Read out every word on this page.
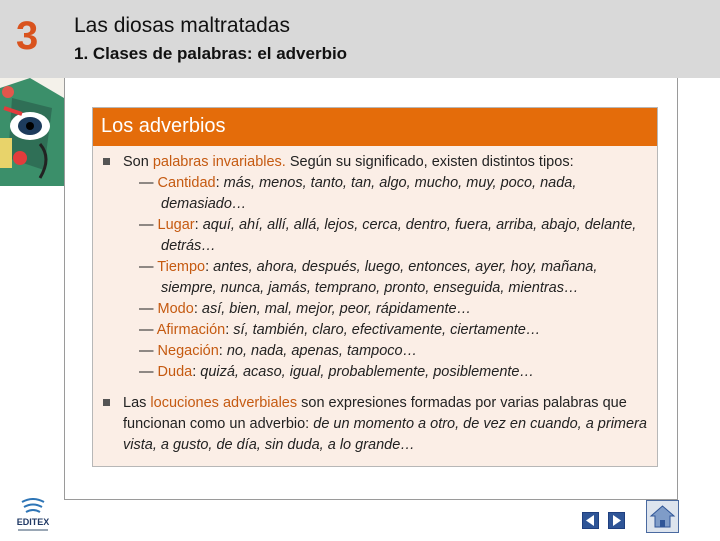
3 Las diosas maltratadas
1. Clases de palabras: el adverbio
Los adverbios

Son palabras invariables. Según su significado, existen distintos tipos:

— Cantidad: más, menos, tanto, tan, algo, mucho, muy, poco, nada, demasiado…

— Lugar: aquí, ahí, allí, allá, lejos, cerca, dentro, fuera, arriba, abajo, delante, detrás…

— Tiempo: antes, ahora, después, luego, entonces, ayer, hoy, mañana, siempre, nunca, jamás, temprano, pronto, enseguida, mientras…

— Modo: así, bien, mal, mejor, peor, rápidamente…

— Afirmación: sí, también, claro, efectivamente, ciertamente…

— Negación: no, nada, apenas, tampoco…

— Duda: quizá, acaso, igual, probablemente, posiblemente…

Las locuciones adverbiales son expresiones formadas por varias palabras que funcionan como un adverbio: de un momento a otro, de vez en cuando, a primera vista, a gusto, de día, sin duda, a lo grande…

EDITEX
